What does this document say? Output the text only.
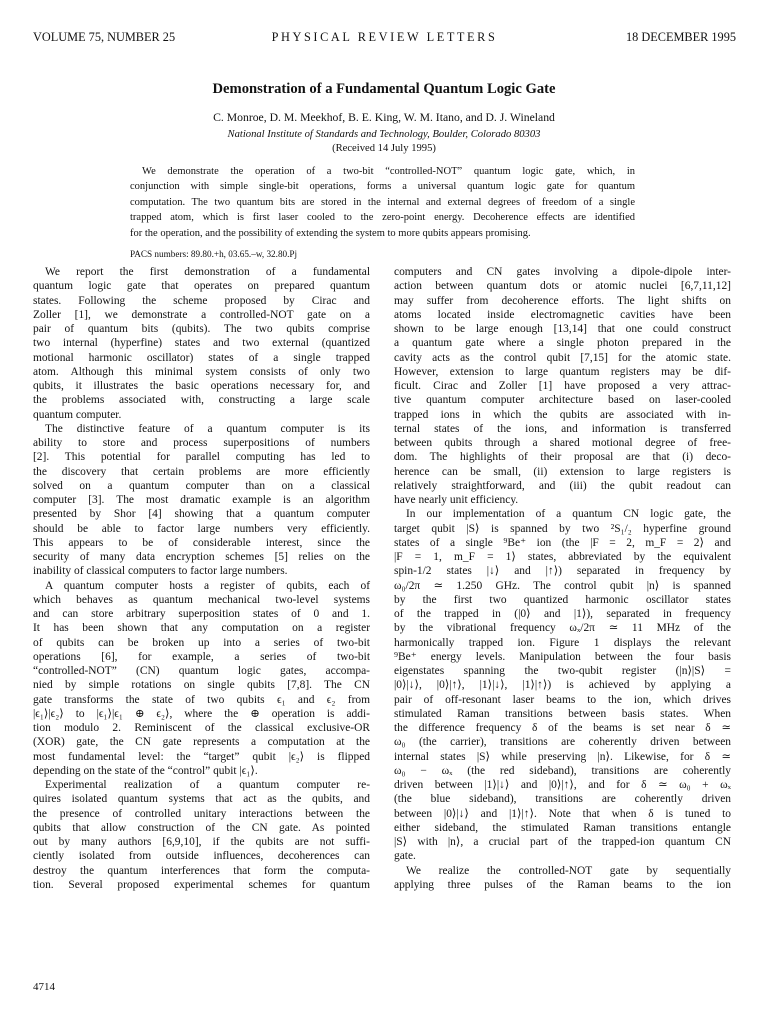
VOLUME 75, NUMBER 25	PHYSICAL REVIEW LETTERS	18 DECEMBER 1995
Demonstration of a Fundamental Quantum Logic Gate
C. Monroe, D. M. Meekhof, B. E. King, W. M. Itano, and D. J. Wineland
National Institute of Standards and Technology, Boulder, Colorado 80303
(Received 14 July 1995)
We demonstrate the operation of a two-bit “controlled-NOT” quantum logic gate, which, in
conjunction with simple single-bit operations, forms a universal quantum logic gate for quantum
computation. The two quantum bits are stored in the internal and external degrees of freedom of a single
trapped atom, which is first laser cooled to the zero-point energy. Decoherence effects are identified
for the operation, and the possibility of extending the system to more qubits appears promising.
PACS numbers: 89.80.+h, 03.65.–w, 32.80.Pj
We report the first demonstration of a fundamental
quantum logic gate that operates on prepared quantum
states. Following the scheme proposed by Cirac and
Zoller [1], we demonstrate a controlled-NOT gate on a
pair of quantum bits (qubits). The two qubits comprise
two internal (hyperfine) states and two external (quantized
motional harmonic oscillator) states of a single trapped
atom. Although this minimal system consists of only two
qubits, it illustrates the basic operations necessary for, and
the problems associated with, constructing a large scale
quantum computer.
The distinctive feature of a quantum computer is its
ability to store and process superpositions of numbers
[2]. This potential for parallel computing has led to
the discovery that certain problems are more efficiently
solved on a quantum computer than on a classical
computer [3]. The most dramatic example is an algorithm
presented by Shor [4] showing that a quantum computer
should be able to factor large numbers very efficiently.
This appears to be of considerable interest, since the
security of many data encryption schemes [5] relies on the
inability of classical computers to factor large numbers.
A quantum computer hosts a register of qubits, each of
which behaves as quantum mechanical two-level systems
and can store arbitrary superposition states of 0 and 1.
It has been shown that any computation on a register
of qubits can be broken up into a series of two-bit
operations [6], for example, a series of two-bit
“controlled-NOT” (CN) quantum logic gates, accompa-
nied by simple rotations on single qubits [7,8]. The CN
gate transforms the state of two qubits ϵ₁ and ϵ₂ from
|ϵ₁⟩|ϵ₂⟩ to |ϵ₁⟩|ϵ₁ ⊕ ϵ₂⟩, where the ⊕ operation is addi-
tion modulo 2. Reminiscent of the classical exclusive-OR
(XOR) gate, the CN gate represents a computation at the
most fundamental level: the “target” qubit |ϵ₂⟩ is flipped
depending on the state of the “control” qubit |ϵ₁⟩.
Experimental realization of a quantum computer re-
quires isolated quantum systems that act as the qubits, and
the presence of controlled unitary interactions between the
qubits that allow construction of the CN gate. As pointed
out by many authors [6,9,10], if the qubits are not suffi-
ciently isolated from outside influences, decoherences can
destroy the quantum interferences that form the computa-
tion. Several proposed experimental schemes for quantum
computers and CN gates involving a dipole-dipole inter-
action between quantum dots or atomic nuclei [6,7,11,12]
may suffer from decoherence efforts. The light shifts on
atoms located inside electromagnetic cavities have been
shown to be large enough [13,14] that one could construct
a quantum gate where a single photon prepared in the
cavity acts as the control qubit [7,15] for the atomic state.
However, extension to large quantum registers may be dif-
ficult. Cirac and Zoller [1] have proposed a very attrac-
tive quantum computer architecture based on laser-cooled
trapped ions in which the qubits are associated with in-
ternal states of the ions, and information is transferred
between qubits through a shared motional degree of free-
dom. The highlights of their proposal are that (i) deco-
herence can be small, (ii) extension to large registers is
relatively straightforward, and (iii) the qubit readout can
have nearly unit efficiency.
In our implementation of a quantum CN logic gate, the
target qubit |S⟩ is spanned by two ²S₁/₂ hyperfine ground
states of a single ⁹Be⁺ ion (the |F = 2, m_F = 2⟩ and
|F = 1, m_F = 1⟩ states, abbreviated by the equivalent
spin-1/2 states |↓⟩ and |↑⟩) separated in frequency by
ω₀/2π ≃ 1.250 GHz. The control qubit |n⟩ is spanned
by the first two quantized harmonic oscillator states
of the trapped in (|0⟩ and |1⟩), separated in frequency
by the vibrational frequency ωₓ/2π ≃ 11 MHz of the
harmonically trapped ion. Figure 1 displays the relevant
⁹Be⁺ energy levels. Manipulation between the four basis
eigenstates spanning the two-qubit register (|n⟩|S⟩ =
|0⟩|↓⟩, |0⟩|↑⟩, |1⟩|↓⟩, |1⟩|↑⟩) is achieved by applying a
pair of off-resonant laser beams to the ion, which drives
stimulated Raman transitions between basis states. When
the difference frequency δ of the beams is set near δ ≃
ω₀ (the carrier), transitions are coherently driven between
internal states |S⟩ while preserving |n⟩. Likewise, for δ ≃
ω₀ − ωₓ (the red sideband), transitions are coherently
driven between |1⟩|↓⟩ and |0⟩|↑⟩, and for δ ≃ ω₀ + ωₓ
(the blue sideband), transitions are coherently driven
between |0⟩|↓⟩ and |1⟩|↑⟩. Note that when δ is tuned to
either sideband, the stimulated Raman transitions entangle
|S⟩ with |n⟩, a crucial part of the trapped-ion quantum CN
gate.
We realize the controlled-NOT gate by sequentially
applying three pulses of the Raman beams to the ion
4714
